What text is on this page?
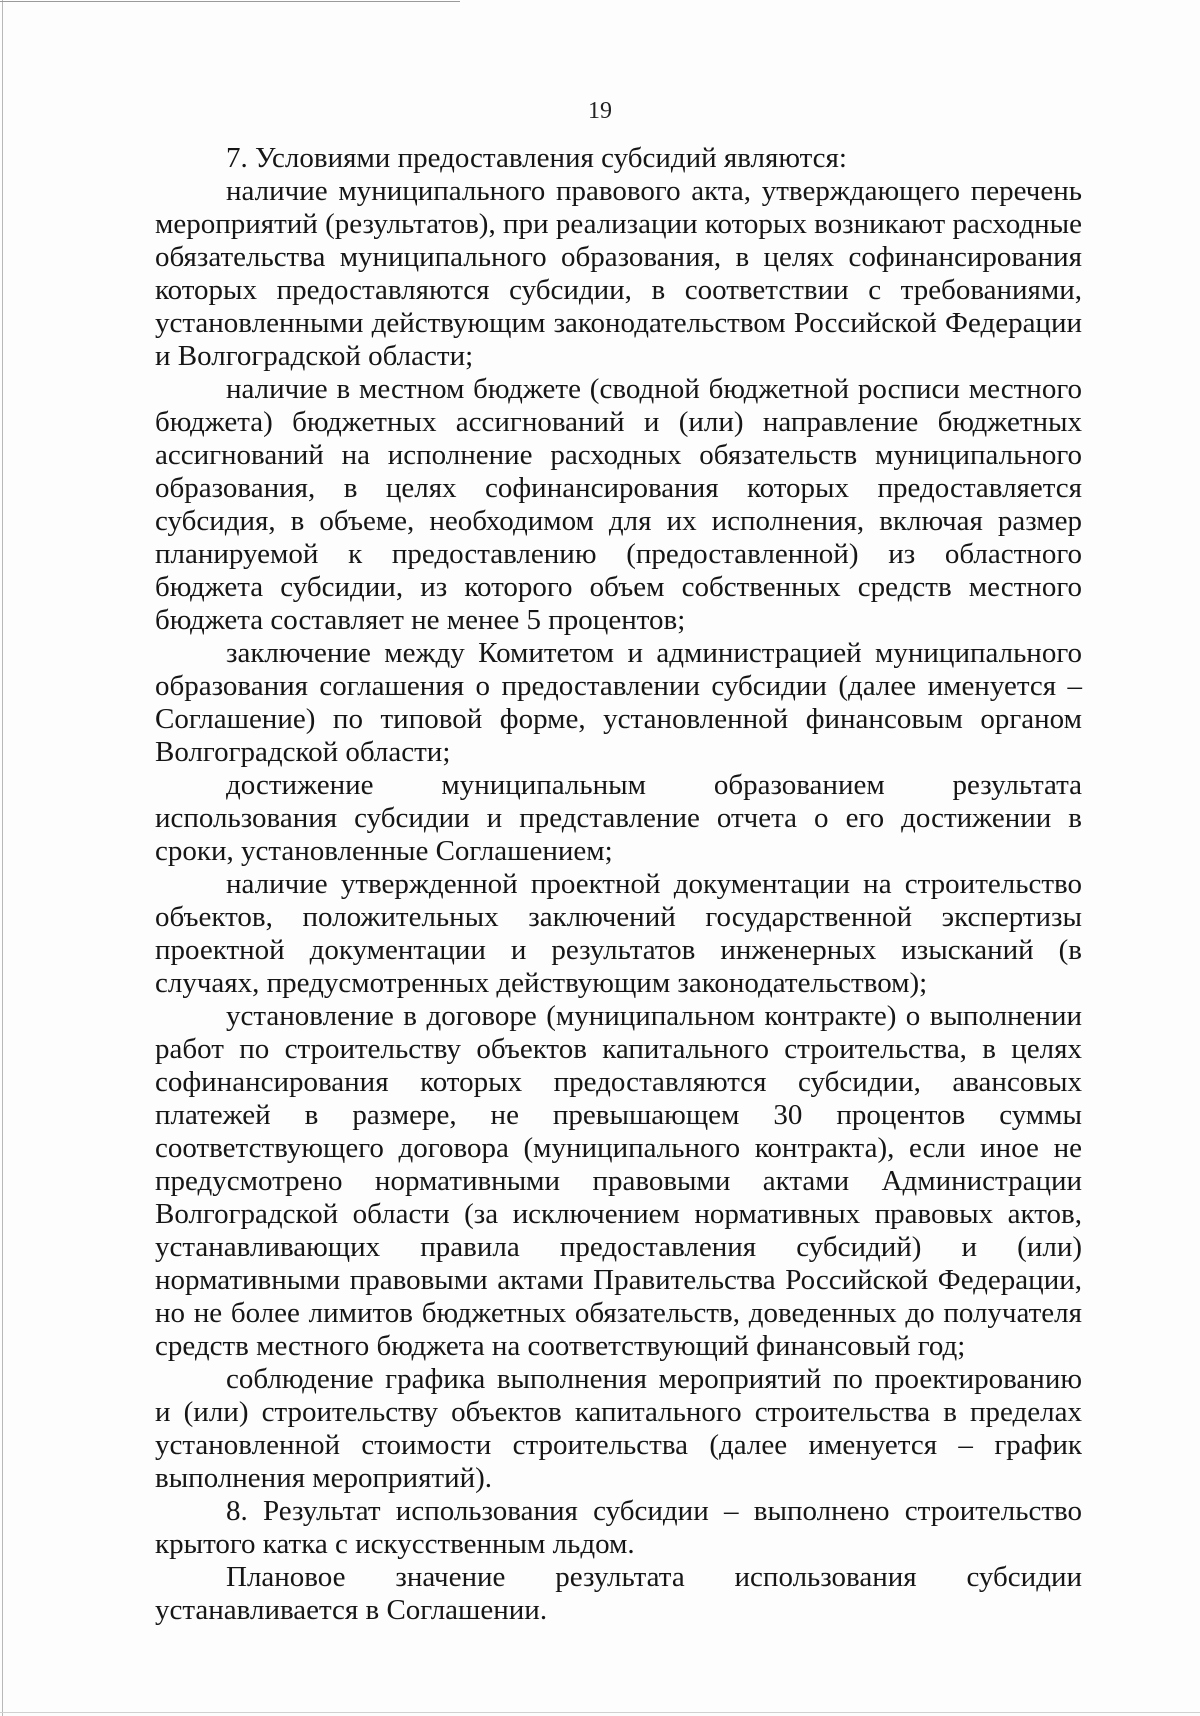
19

7. Условиями предоставления субсидий являются:

наличие муниципального правового акта, утверждающего перечень мероприятий (результатов), при реализации которых возникают расходные обязательства муниципального образования, в целях софинансирования которых предоставляются субсидии, в соответствии с требованиями, установленными действующим законодательством Российской Федерации и Волгоградской области;

наличие в местном бюджете (сводной бюджетной росписи местного бюджета) бюджетных ассигнований и (или) направление бюджетных ассигнований на исполнение расходных обязательств муниципального образования, в целях софинансирования которых предоставляется субсидия, в объеме, необходимом для их исполнения, включая размер планируемой к предоставлению (предоставленной) из областного бюджета субсидии, из которого объем собственных средств местного бюджета составляет не менее 5 процентов;

заключение между Комитетом и администрацией муниципального образования соглашения о предоставлении субсидии (далее именуется – Соглашение) по типовой форме, установленной финансовым органом Волгоградской области;

достижение муниципальным образованием результата использования субсидии и представление отчета о его достижении в сроки, установленные Соглашением;

наличие утвержденной проектной документации на строительство объектов, положительных заключений государственной экспертизы проектной документации и результатов инженерных изысканий (в случаях, предусмотренных действующим законодательством);

установление в договоре (муниципальном контракте) о выполнении работ по строительству объектов капитального строительства, в целях софинансирования которых предоставляются субсидии, авансовых платежей в размере, не превышающем 30 процентов суммы соответствующего договора (муниципального контракта), если иное не предусмотрено нормативными правовыми актами Администрации Волгоградской области (за исключением нормативных правовых актов, устанавливающих правила предоставления субсидий) и (или) нормативными правовыми актами Правительства Российской Федерации, но не более лимитов бюджетных обязательств, доведенных до получателя средств местного бюджета на соответствующий финансовый год;

соблюдение графика выполнения мероприятий по проектированию и (или) строительству объектов капитального строительства в пределах установленной стоимости строительства (далее именуется – график выполнения мероприятий).

8. Результат использования субсидии – выполнено строительство крытого катка с искусственным льдом.

Плановое значение результата использования субсидии устанавливается в Соглашении.
